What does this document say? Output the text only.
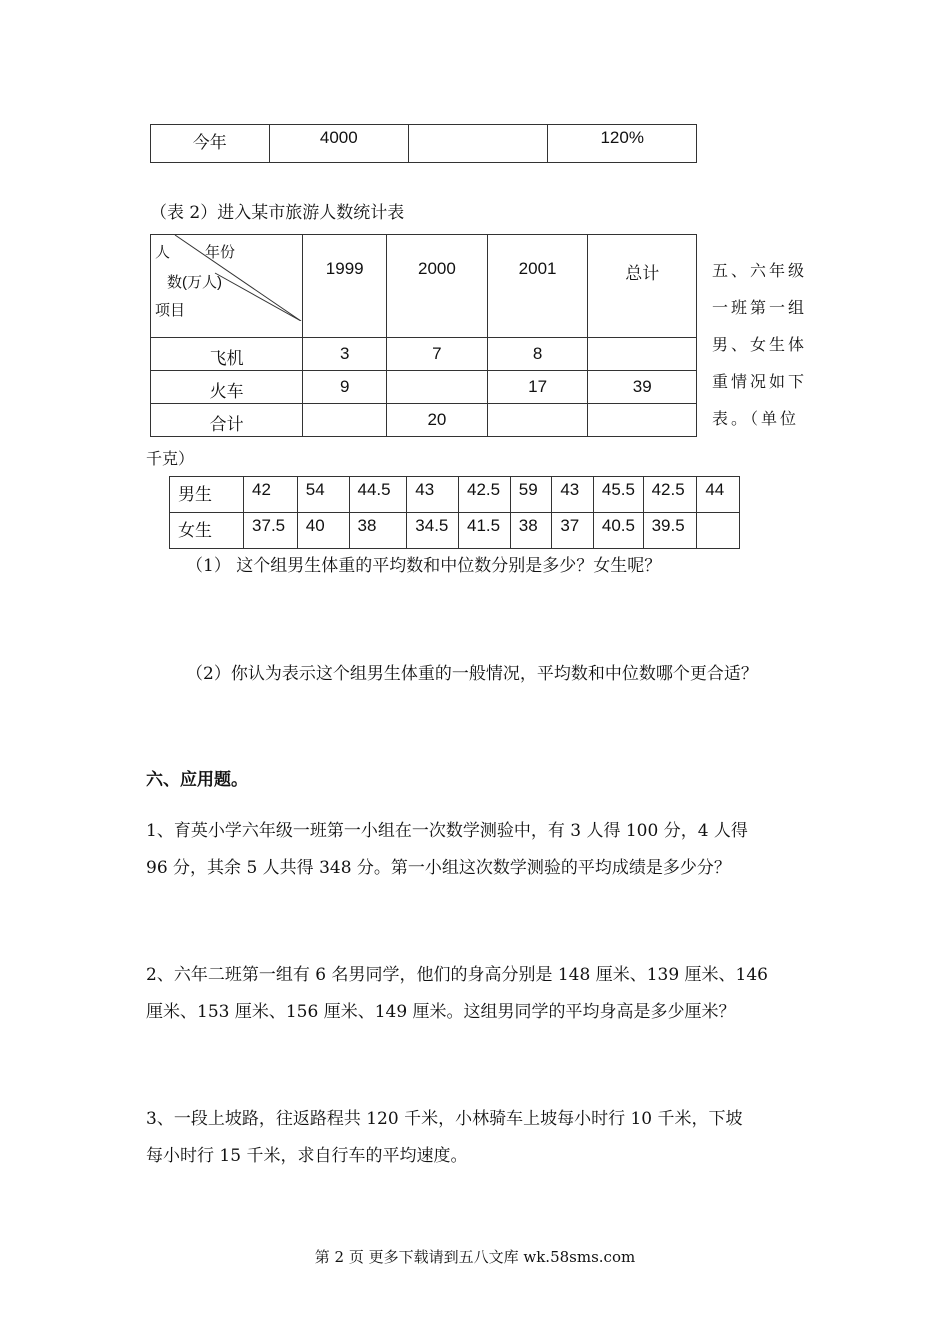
今年	4000		120%
（表 2）进入某市旅游人数统计表
人 年份
数(万人)
项目	1999	2000	2001	总计
飞机	3	7	8	
火车	9		17	39
合计		20		
五、六年级
一班第一组
男、女生体
重情况如下
表。（单位
千克）
男生	42	54	44.5	43	42.5	59	43	45.5	42.5	44
女生	37.5	40	38	34.5	41.5	38	37	40.5	39.5	
（1） 这个组男生体重的平均数和中位数分别是多少？女生呢？
（2）你认为表示这个组男生体重的一般情况，平均数和中位数哪个更合适？
六、应用题。
1、育英小学六年级一班第一小组在一次数学测验中，有 3 人得 100 分，4 人得
96 分，其余 5 人共得 348 分。第一小组这次数学测验的平均成绩是多少分？
2、六年二班第一组有 6 名男同学，他们的身高分别是 148 厘米、139 厘米、146
厘米、153 厘米、156 厘米、149 厘米。这组男同学的平均身高是多少厘米？
3、一段上坡路，往返路程共 120 千米，小林骑车上坡每小时行 10 千米，下坡
每小时行 15 千米，求自行车的平均速度。
第 2 页 更多下载请到五八文库 wk.58sms.com
